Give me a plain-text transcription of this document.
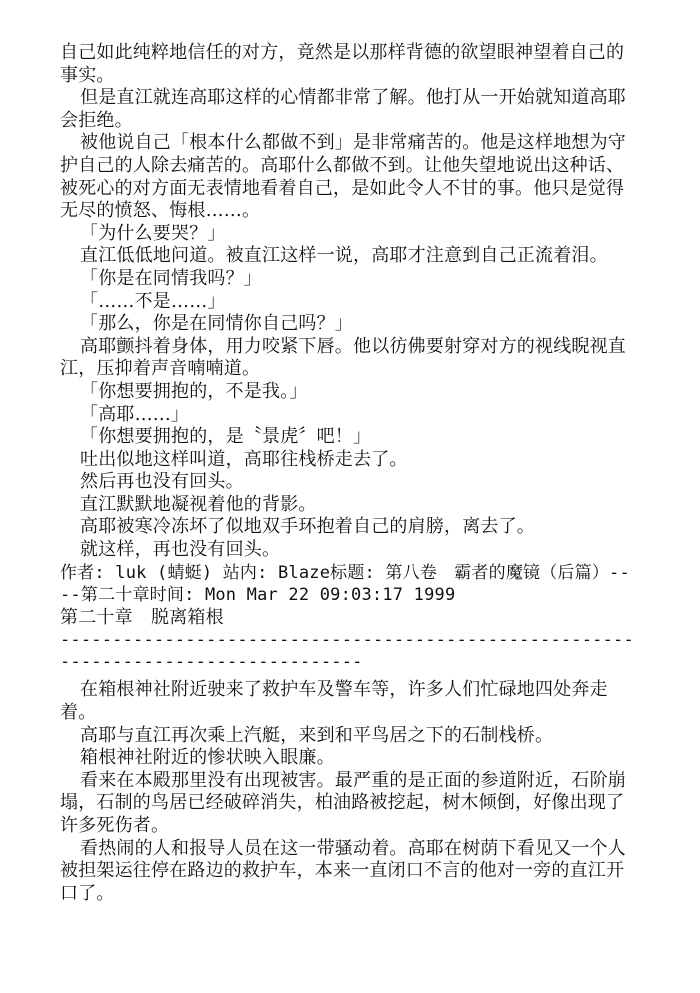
自己如此纯粹地信任的对方，竟然是以那样背德的欲望眼神望着自己的事实。
但是直江就连高耶这样的心情都非常了解。他打从一开始就知道高耶会拒绝。
被他说自己「根本什么都做不到」是非常痛苦的。他是这样地想为守护自己的人除去痛苦的。高耶什么都做不到。让他失望地说出这种话、被死心的对方面无表情地看着自己，是如此令人不甘的事。他只是觉得无尽的愤怒、悔根……。
「为什么要哭？」
直江低低地问道。被直江这样一说，高耶才注意到自己正流着泪。
「你是在同情我吗？」
「……不是……」
「那么，你是在同情你自己吗？」
高耶颤抖着身体，用力咬紧下唇。他以彷佛要射穿对方的视线睨视直江，压抑着声音喃喃道。
「你想要拥抱的，不是我。」
「高耶……」
「你想要拥抱的，是〝景虎〞吧！」
吐出似地这样叫道，高耶往栈桥走去了。
然后再也没有回头。
直江默默地凝视着他的背影。
高耶被寒冷冻坏了似地双手环抱着自己的肩膀，离去了。
就这样，再也没有回头。
作者: luk (蜻蜓) 站内: Blaze标题: 第八卷　霸者的魔镜（后篇）----第二十章时间: Mon Mar 22 09:03:17 1999
第二十章　脱离箱根
------------------------------------------------------------------------------------
在箱根神社附近驶来了救护车及警车等，许多人们忙碌地四处奔走着。
高耶与直江再次乘上汽艇，来到和平鸟居之下的石制栈桥。
箱根神社附近的惨状映入眼廉。
看来在本殿那里没有出现被害。最严重的是正面的参道附近，石阶崩塌，石制的鸟居已经破碎消失，柏油路被挖起，树木倾倒，好像出现了许多死伤者。
看热闹的人和报导人员在这一带骚动着。高耶在树荫下看见又一个人被担架运往停在路边的救护车，本来一直闭口不言的他对一旁的直江开口了。
